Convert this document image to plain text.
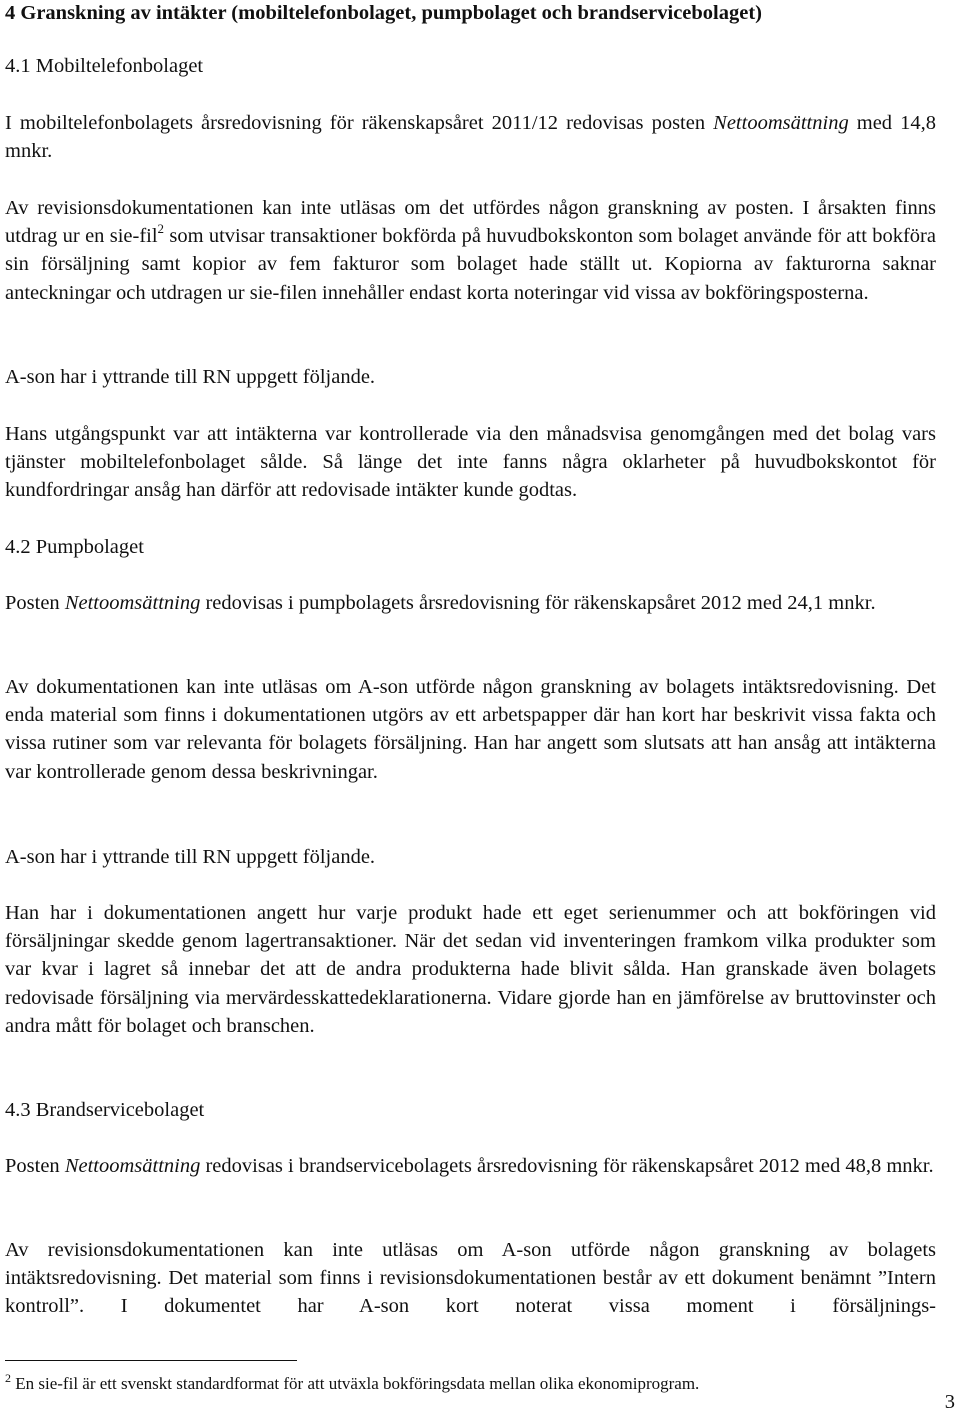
4 Granskning av intäkter (mobiltelefonbolaget, pumpbolaget och brandservicebolaget)
4.1 Mobiltelefonbolaget

I mobiltelefonbolagets årsredovisning för räkenskapsåret 2011/12 redovisas posten Nettoomsättning med 14,8 mnkr.

Av revisionsdokumentationen kan inte utläsas om det utfördes någon granskning av posten. I årsakten finns utdrag ur en sie-fil$^2$ som utvisar transaktioner bokförda på huvudbokskonton som bolaget använde för att bokföra sin försäljning samt kopior av fem fakturor som bolaget hade ställt ut. Kopiorna av fakturorna saknar anteckningar och utdragen ur sie-filen innehåller endast korta noteringar vid vissa av bokföringsposterna.

A-son har i yttrande till RN uppgett följande.

Hans utgångspunkt var att intäkterna var kontrollerade via den månadsvisa genomgången med det bolag vars tjänster mobiltelefonbolaget sålde. Så länge det inte fanns några oklarheter på huvudbokskontot för kundfordringar ansåg han därför att redovisade intäkter kunde godtas.

4.2 Pumpbolaget

Posten Nettoomsättning redovisas i pumpbolagets årsredovisning för räkenskapsåret 2012 med 24,1 mnkr.

Av dokumentationen kan inte utläsas om A-son utförde någon granskning av bolagets intäktsredovisning. Det enda material som finns i dokumentationen utgörs av ett arbetspapper där han kort har beskrivit vissa fakta och vissa rutiner som var relevanta för bolagets försäljning. Han har angett som slutsats att han ansåg att intäkterna var kontrollerade genom dessa beskrivningar.

A-son har i yttrande till RN uppgett följande.

Han har i dokumentationen angett hur varje produkt hade ett eget serienummer och att bokföringen vid försäljningar skedde genom lagertransaktioner. När det sedan vid inventeringen framkom vilka produkter som var kvar i lagret så innebar det att de andra produkterna hade blivit sålda. Han granskade även bolagets redovisade försäljning via mervärdesskattedeklarationerna. Vidare gjorde han en jämförelse av bruttovinster och andra mått för bolaget och branschen.

4.3 Brandservicebolaget

Posten Nettoomsättning redovisas i brandservicebolagets årsredovisning för räkenskapsåret 2012 med 48,8 mnkr.

Av revisionsdokumentationen kan inte utläsas om A-son utförde någon granskning av bolagets intäktsredovisning. Det material som finns i revisionsdokumentationen består av ett dokument benämnt ”Intern kontroll”. I dokumentet har A-son kort noterat vissa moment i försäljnings-

$^2$ En sie-fil är ett svenskt standardformat för att utväxla bokföringsdata mellan olika ekonomiprogram.
3
